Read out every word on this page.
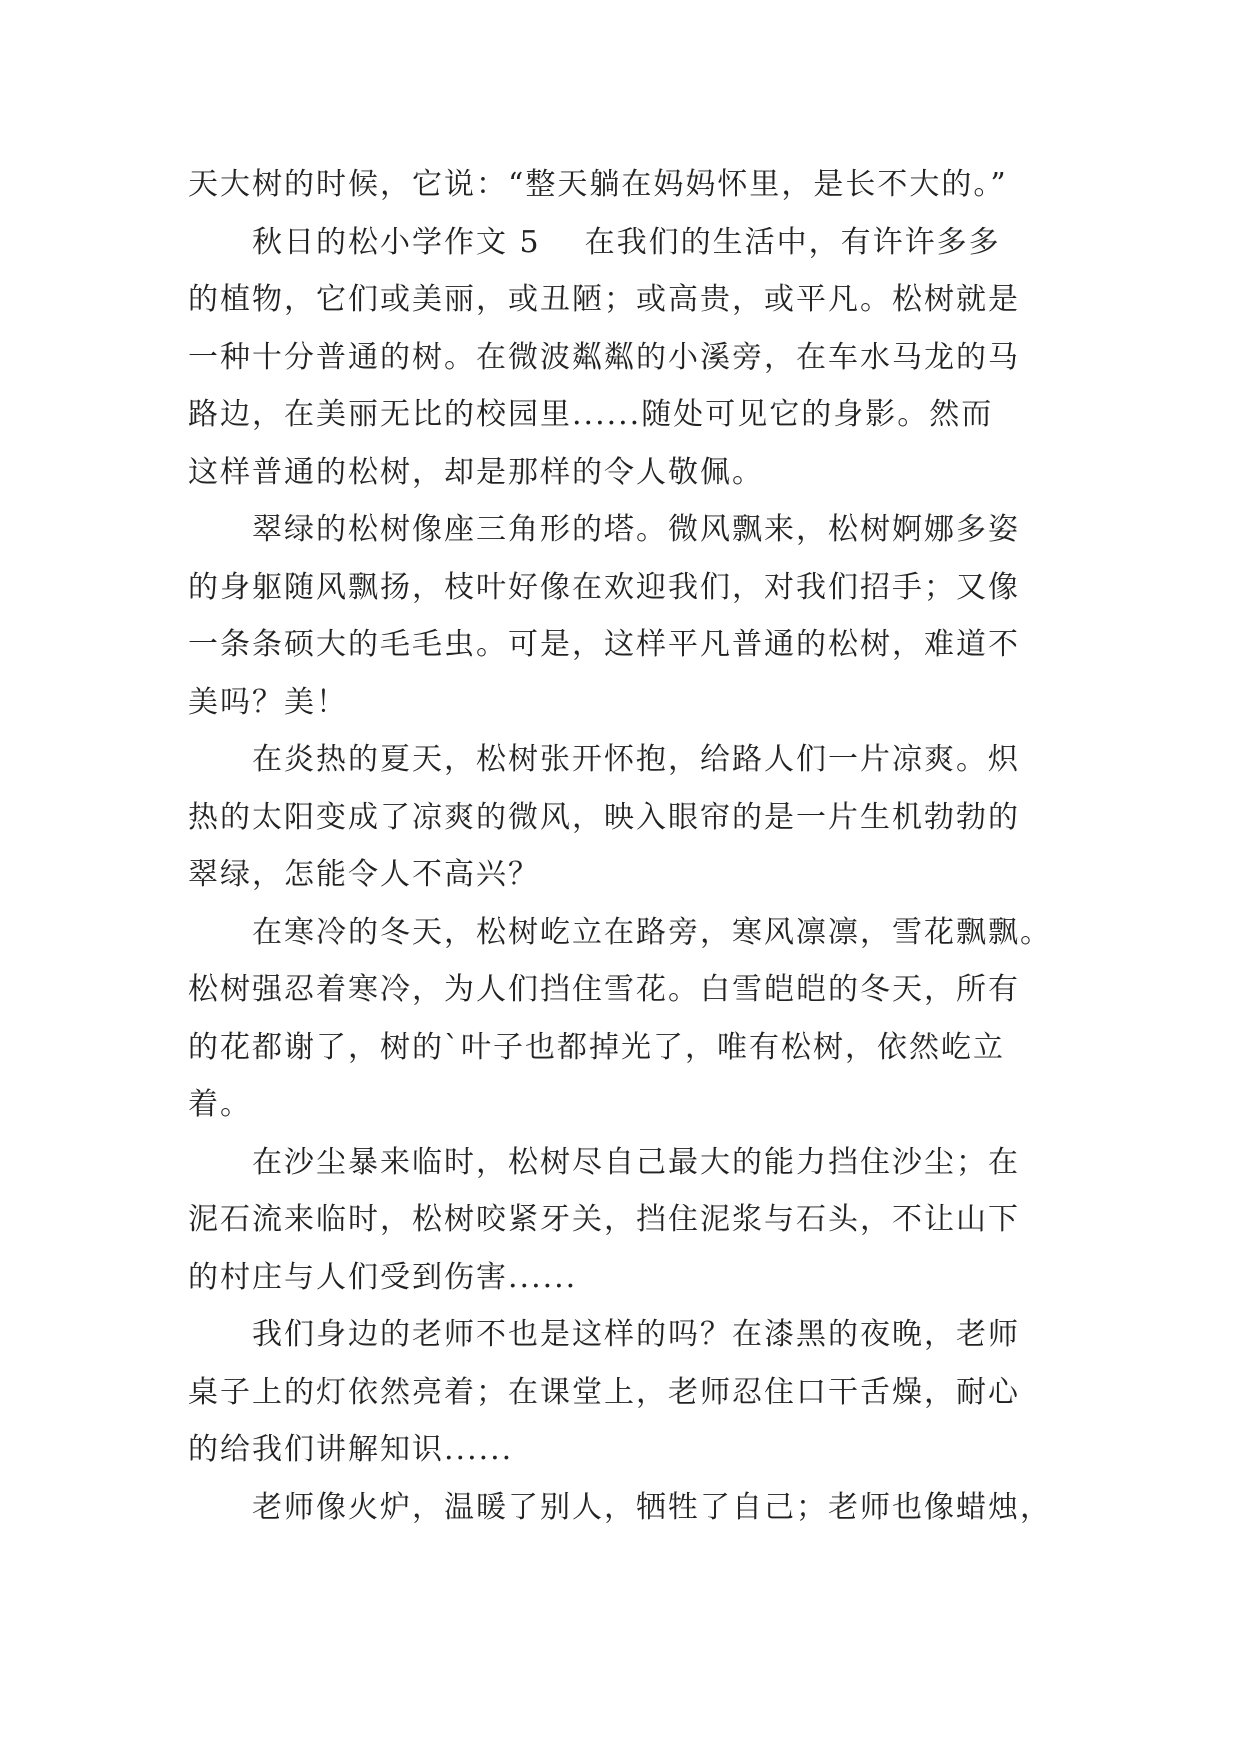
天大树的时候，它说：“整天躺在妈妈怀里，是长不大的。”
秋日的松小学作文 5 在我们的生活中，有许许多多
的植物，它们或美丽，或丑陋；或高贵，或平凡。松树就是
一种十分普通的树。在微波粼粼的小溪旁，在车水马龙的马
路边，在美丽无比的校园里......随处可见它的身影。然而
这样普通的松树，却是那样的令人敬佩。
翠绿的松树像座三角形的塔。微风飘来，松树婀娜多姿
的身躯随风飘扬，枝叶好像在欢迎我们，对我们招手；又像
一条条硕大的毛毛虫。可是，这样平凡普通的松树，难道不
美吗？美！
在炎热的夏天，松树张开怀抱，给路人们一片凉爽。炽
热的太阳变成了凉爽的微风，映入眼帘的是一片生机勃勃的
翠绿，怎能令人不高兴？
在寒冷的冬天，松树屹立在路旁，寒风凛凛，雪花飘飘。
松树强忍着寒冷，为人们挡住雪花。白雪皑皑的冬天，所有
的花都谢了，树的`叶子也都掉光了，唯有松树，依然屹立
着。
在沙尘暴来临时，松树尽自己最大的能力挡住沙尘；在
泥石流来临时，松树咬紧牙关，挡住泥浆与石头，不让山下
的村庄与人们受到伤害......
我们身边的老师不也是这样的吗？在漆黑的夜晚，老师
桌子上的灯依然亮着；在课堂上，老师忍住口干舌燥，耐心
的给我们讲解知识......
老师像火炉，温暖了别人，牺牲了自己；老师也像蜡烛，
